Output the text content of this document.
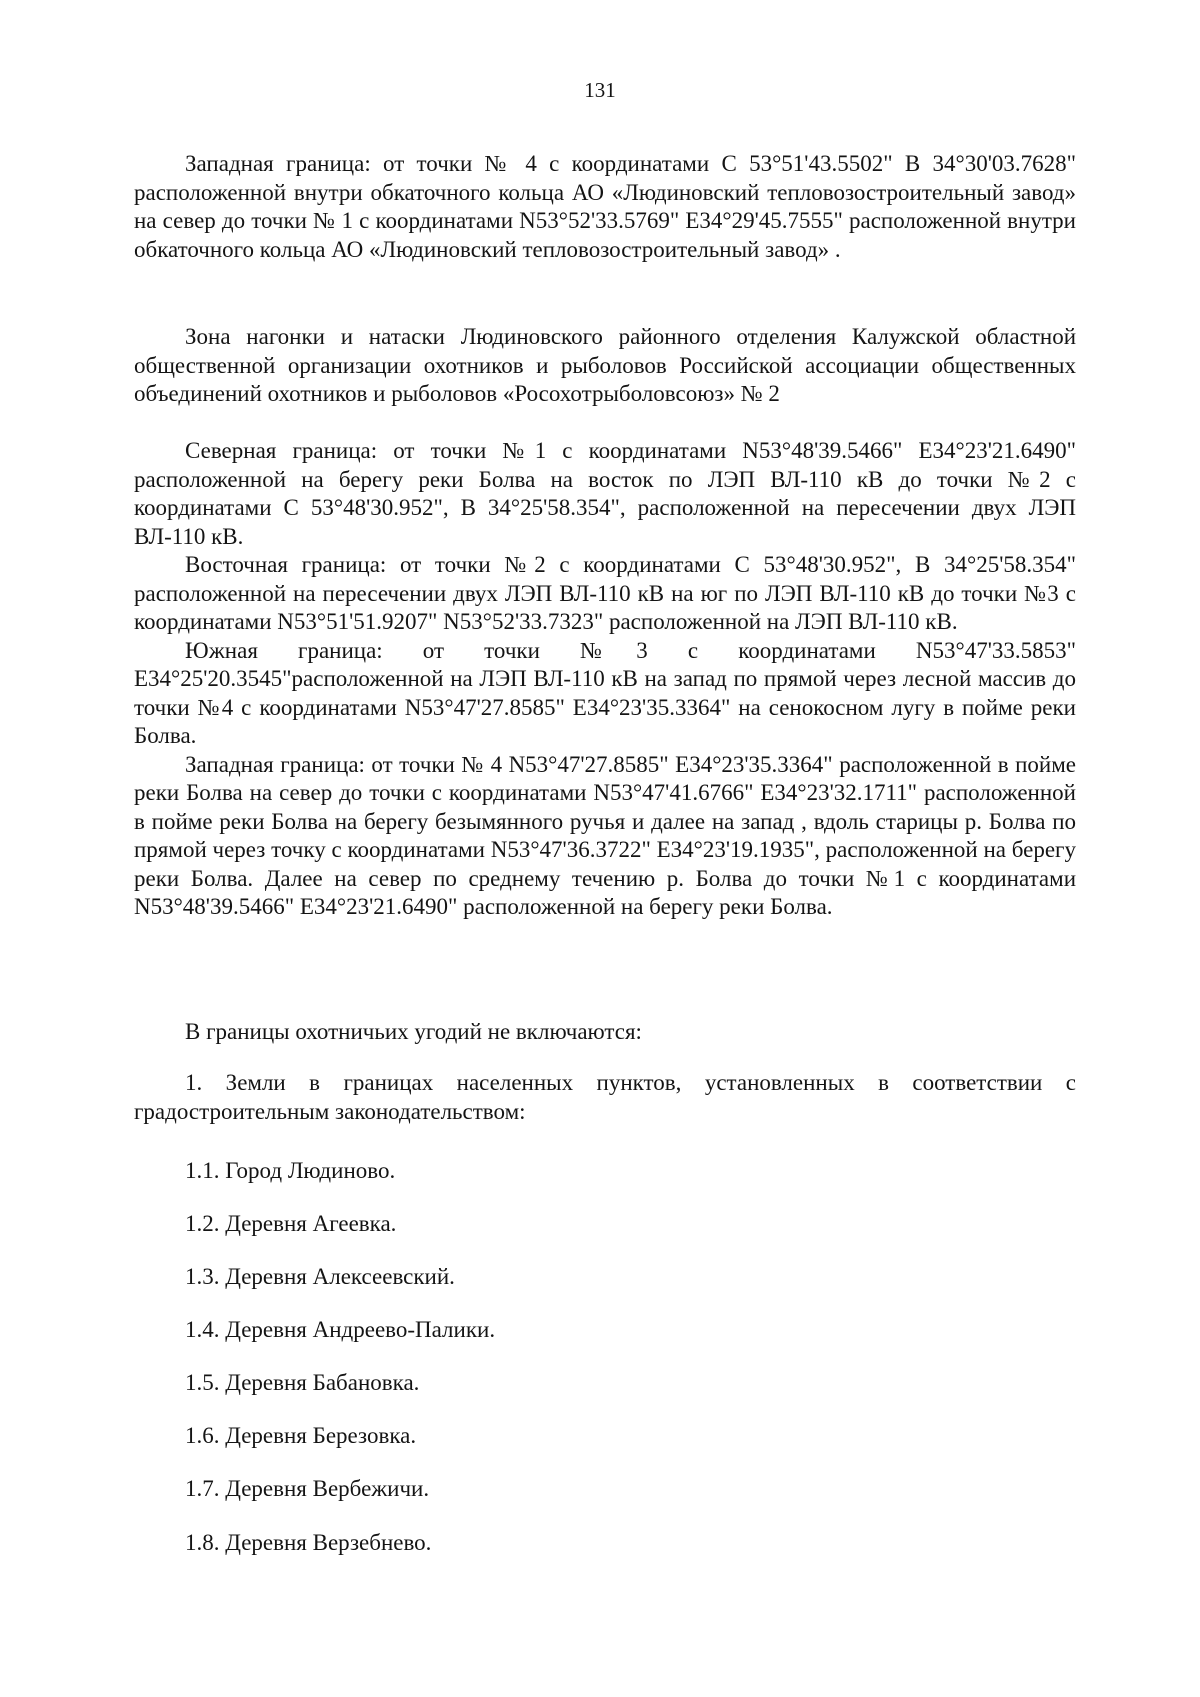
131

Западная граница: от точки № 4 с координатами С 53°51'43.5502" В 34°30'03.7628" расположенной внутри обкаточного кольца АО «Людиновский тепловозостроительный завод» на север до точки № 1 с координатами N53°52'33.5769" E34°29'45.7555" расположенной внутри обкаточного кольца АО «Людиновский тепловозостроительный завод» .

Зона нагонки и натаски Людиновского районного отделения Калужской областной общественной организации охотников и рыболовов Российской ассоциации общественных объединений охотников и рыболовов «Росохотрыболовсоюз» № 2

Северная граница: от точки №1 с координатами N53°48'39.5466" E34°23'21.6490" расположенной на берегу реки Болва на восток по ЛЭП ВЛ-110 кВ до точки №2 с координатами С 53°48'30.952", В 34°25'58.354", расположенной на пересечении двух ЛЭП ВЛ-110 кВ.

Восточная граница: от точки №2 с координатами С 53°48'30.952", В 34°25'58.354" расположенной на пересечении двух ЛЭП ВЛ-110 кВ на юг по ЛЭП ВЛ-110 кВ до точки №3 с координатами N53°51'51.9207" N53°52'33.7323" расположенной на ЛЭП ВЛ-110 кВ.

Южная граница: от точки №3 с координатами N53°47'33.5853" E34°25'20.3545"расположенной на ЛЭП ВЛ-110 кВ на запад по прямой через лесной массив до точки №4 с координатами N53°47'27.8585" E34°23'35.3364" на сенокосном лугу в пойме реки Болва.

Западная граница: от точки № 4 N53°47'27.8585" E34°23'35.3364" расположенной в пойме реки Болва на север до точки с координатами N53°47'41.6766" E34°23'32.1711" расположенной в пойме реки Болва на берегу безымянного ручья и далее на запад , вдоль старицы р. Болва по прямой через точку с координатами N53°47'36.3722" E34°23'19.1935", расположенной на берегу реки Болва. Далее на север по среднему течению р. Болва до точки №1 с координатами N53°48'39.5466" E34°23'21.6490" расположенной на берегу реки Болва.

В границы охотничьих угодий не включаются:

1. Земли в границах населенных пунктов, установленных в соответствии с градостроительным законодательством:

1.1. Город Людиново.

1.2. Деревня Агеевка.

1.3. Деревня Алексеевский.

1.4. Деревня Андреево-Палики.

1.5. Деревня Бабановка.

1.6. Деревня Березовка.

1.7. Деревня Вербежичи.

1.8. Деревня Верзебнево.
